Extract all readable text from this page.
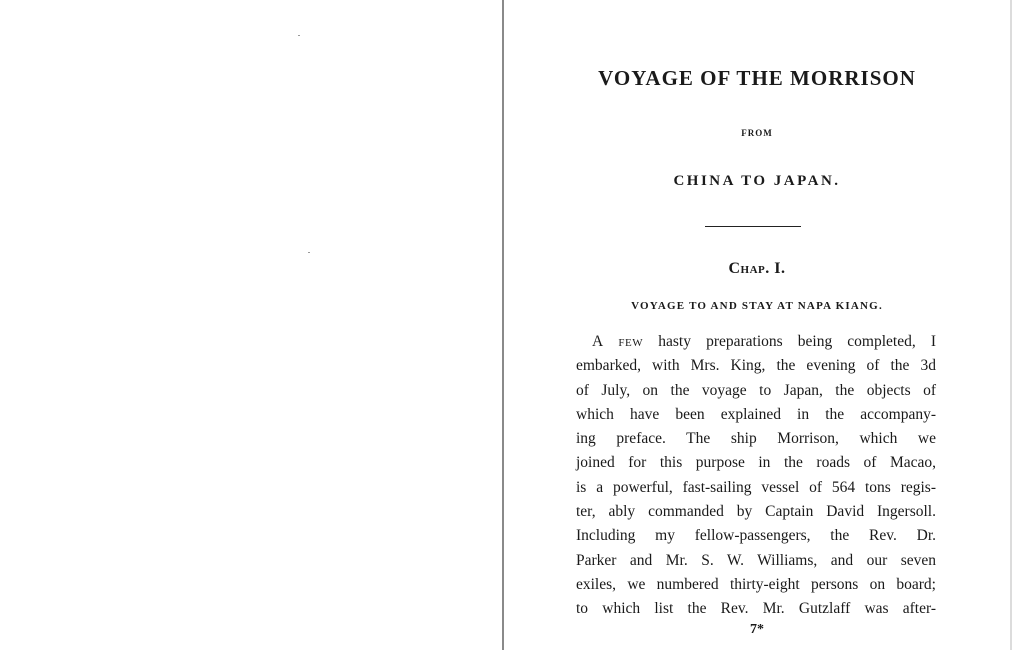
VOYAGE OF THE MORRISON
FROM
CHINA TO JAPAN.
Chap. I.
VOYAGE TO AND STAY AT NAPA KIANG.
A few hasty preparations being completed, I
embarked, with Mrs. King, the evening of the 3d
of July, on the voyage to Japan, the objects of
which have been explained in the accompany-
ing preface. The ship Morrison, which we
joined for this purpose in the roads of Macao,
is a powerful, fast-sailing vessel of 564 tons regis-
ter, ably commanded by Captain David Ingersoll.
Including my fellow-passengers, the Rev. Dr.
Parker and Mr. S. W. Williams, and our seven
exiles, we numbered thirty-eight persons on board;
to which list the Rev. Mr. Gutzlaff was after-
7*
